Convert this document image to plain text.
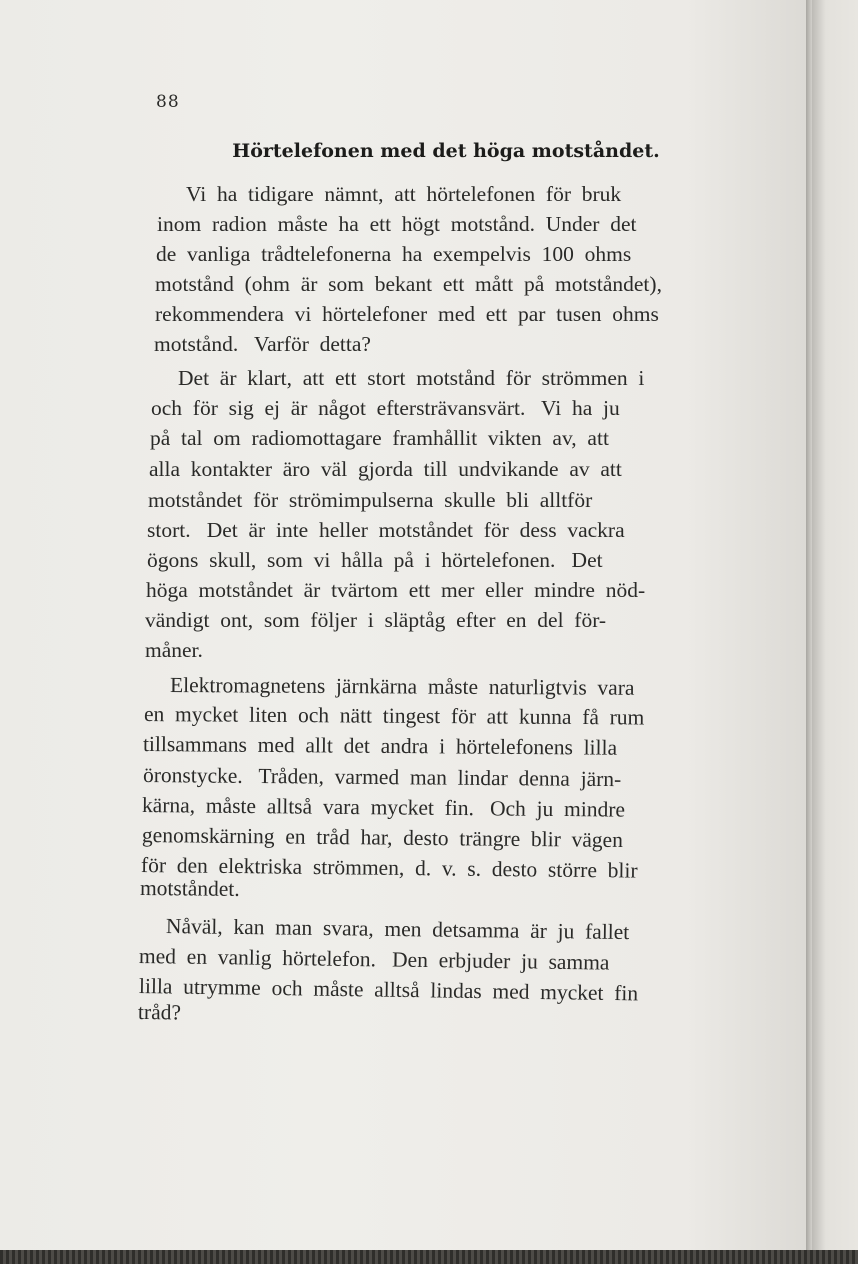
88
Hörtelefonen med det höga motståndet.

Vi  ha  tidigare  nämnt,  att  hörtelefonen  för  bruk

inom  radion  måste  ha  ett  högt  motstånd.  Under  det

de  vanliga  trådtelefonerna  ha  exempelvis  100  ohms

motstånd  (ohm  är  som  bekant  ett  mått  på  motståndet),

rekommendera  vi  hörtelefoner  med  ett  par  tusen  ohms

motstånd.   Varför  detta?

Det  är  klart,  att  ett  stort  motstånd  för  strömmen  i

och  för  sig  ej  är  något  eftersträvansvärt.   Vi  ha  ju

på  tal  om  radiomottagare  framhållit  vikten  av,  att

alla  kontakter  äro  väl  gjorda  till  undvikande  av  att

motståndet  för  strömimpulserna  skulle  bli  alltför

stort.   Det  är  inte  heller  motståndet  för  dess  vackra

ögons  skull,  som  vi  hålla  på  i  hörtelefonen.   Det

höga  motståndet  är  tvärtom  ett  mer  eller  mindre  nöd-

vändigt  ont,  som  följer  i  släptåg  efter  en  del  för-

måner.

Elektromagnetens  järnkärna  måste  naturligtvis  vara

en  mycket  liten  och  nätt  tingest  för  att  kunna  få  rum

tillsammans  med  allt  det  andra  i  hörtelefonens  lilla

öronstycke.   Tråden,  varmed  man  lindar  denna  järn-

kärna,  måste  alltså  vara  mycket  fin.   Och  ju  mindre

genomskärning  en  tråd  har,  desto  trängre  blir  vägen

för  den  elektriska  strömmen,  d.  v.  s.  desto  större  blir

motståndet.

Nåväl,  kan  man  svara,  men  detsamma  är  ju  fallet

med  en  vanlig  hörtelefon.   Den  erbjuder  ju  samma

lilla  utrymme  och  måste  alltså  lindas  med  mycket  fin

tråd?
